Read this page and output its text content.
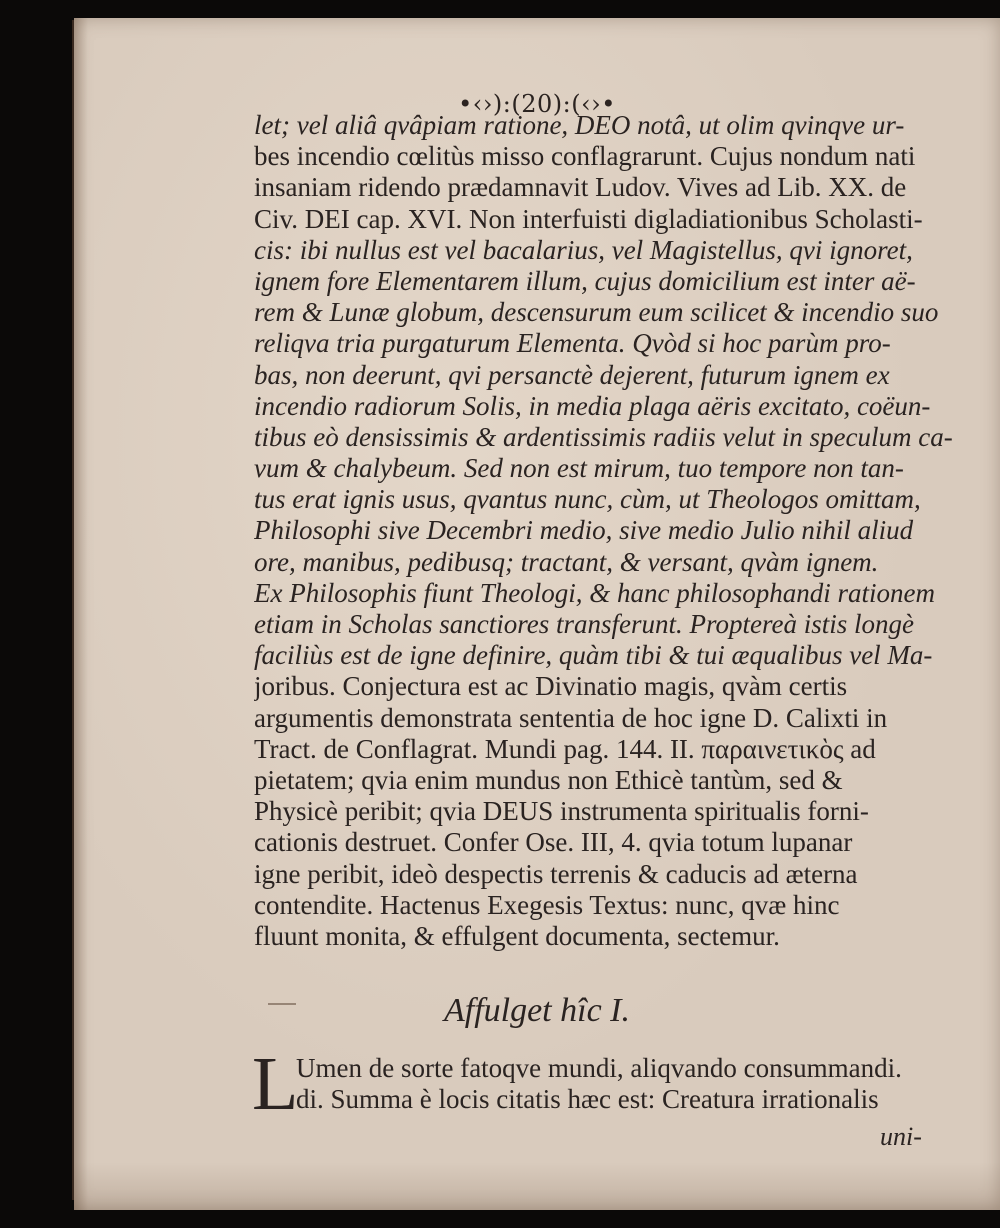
•‹›):(20):(‹›•
let; vel aliâ qvâpiam ratione, DEO notâ, ut olim qvinqve ur-
bes incendio cœlitùs misso conflagrarunt. Cujus nondum nati
insaniam ridendo prædamnavit Ludov. Vives ad Lib. XX. de
Civ. DEI cap. XVI. Non interfuisti digladiationibus Scholasti-
cis: ibi nullus est vel bacalarius, vel Magistellus, qvi ignoret,
ignem fore Elementarem illum, cujus domicilium est inter aë-
rem & Lunæ globum, descensurum eum scilicet & incendio suo
reliqva tria purgaturum Elementa. Qvòd si hoc parùm pro-
bas, non deerunt, qvi persanctè dejerent, futurum ignem ex
incendio radiorum Solis, in media plaga aëris excitato, coëun-
tibus eò densissimis & ardentissimis radiis velut in speculum ca-
vum & chalybeum. Sed non est mirum, tuo tempore non tan-
tus erat ignis usus, qvantus nunc, cùm, ut Theologos omittam,
Philosophi sive Decembri medio, sive medio Julio nihil aliud
ore, manibus, pedibusq; tractant, & versant, qvàm ignem.
Ex Philosophis fiunt Theologi, & hanc philosophandi rationem
etiam in Scholas sanctiores transferunt. Proptereà istis longè
faciliùs est de igne definire, quàm tibi & tui æqualibus vel Ma-
joribus. Conjectura est ac Divinatio magis, qvàm certis
argumentis demonstrata sententia de hoc igne D. Calixti in
Tract. de Conflagrat. Mundi pag. 144. II. παραινετικὸς ad
pietatem; qvia enim mundus non Ethicè tantùm, sed &
Physicè peribit; qvia DEUS instrumenta spiritualis forni-
cationis destruet. Confer Ose. III, 4. qvia totum lupanar
igne peribit, ideò despectis terrenis & caducis ad æterna
contendite. Hactenus Exegesis Textus: nunc, qvæ hinc
fluunt monita, & effulgent documenta, sectemur.
Affulget hîc I.
L
Umen de sorte fatoqve mundi, aliqvando consummandi.
di. Summa è locis citatis hæc est: Creatura irrationalis
uni-
